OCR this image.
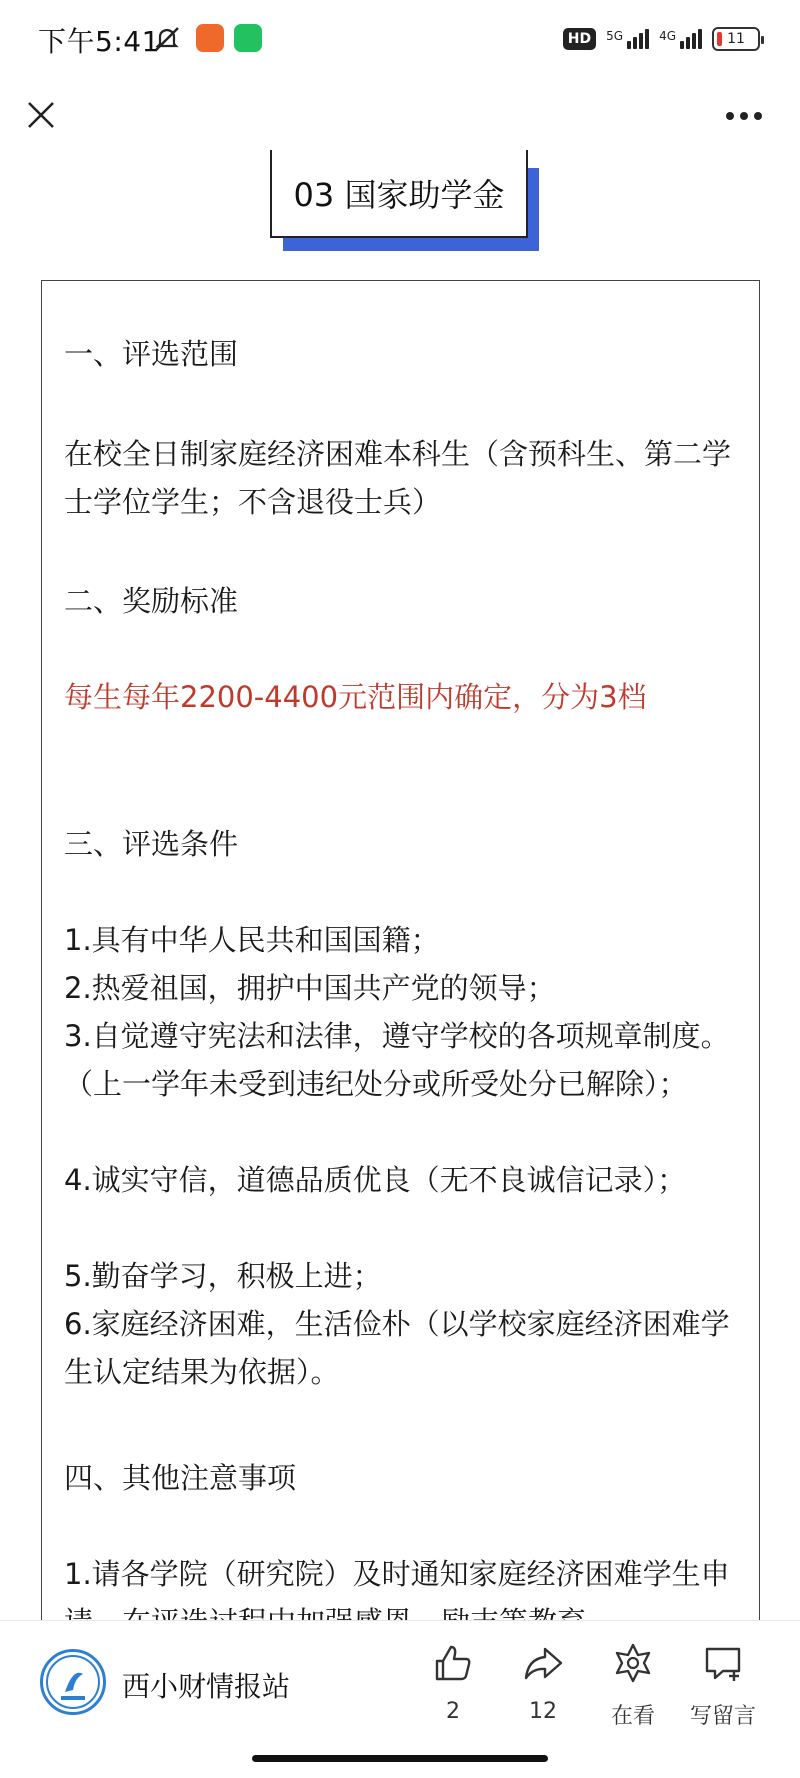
下午5:41	HD	5G	4G	11
03 国家助学金

一、评选范围

在校全日制家庭经济困难本科生（含预科生、第二学士学位学生；不含退役士兵）

二、奖励标准

每生每年2200-4400元范围内确定，分为3档

三、评选条件

1.具有中华人民共和国国籍；

2.热爱祖国，拥护中国共产党的领导；

3.自觉遵守宪法和法律，遵守学校的各项规章制度。（上一学年未受到违纪处分或所受处分已解除）；

4.诚实守信，道德品质优良（无不良诚信记录）；

5.勤奋学习，积极上进；

6.家庭经济困难，生活俭朴（以学校家庭经济困难学生认定结果为依据）。

四、其他注意事项

1.请各学院（研究院）及时通知家庭经济困难学生申

西小财情报站
2	12 在看 写留言
